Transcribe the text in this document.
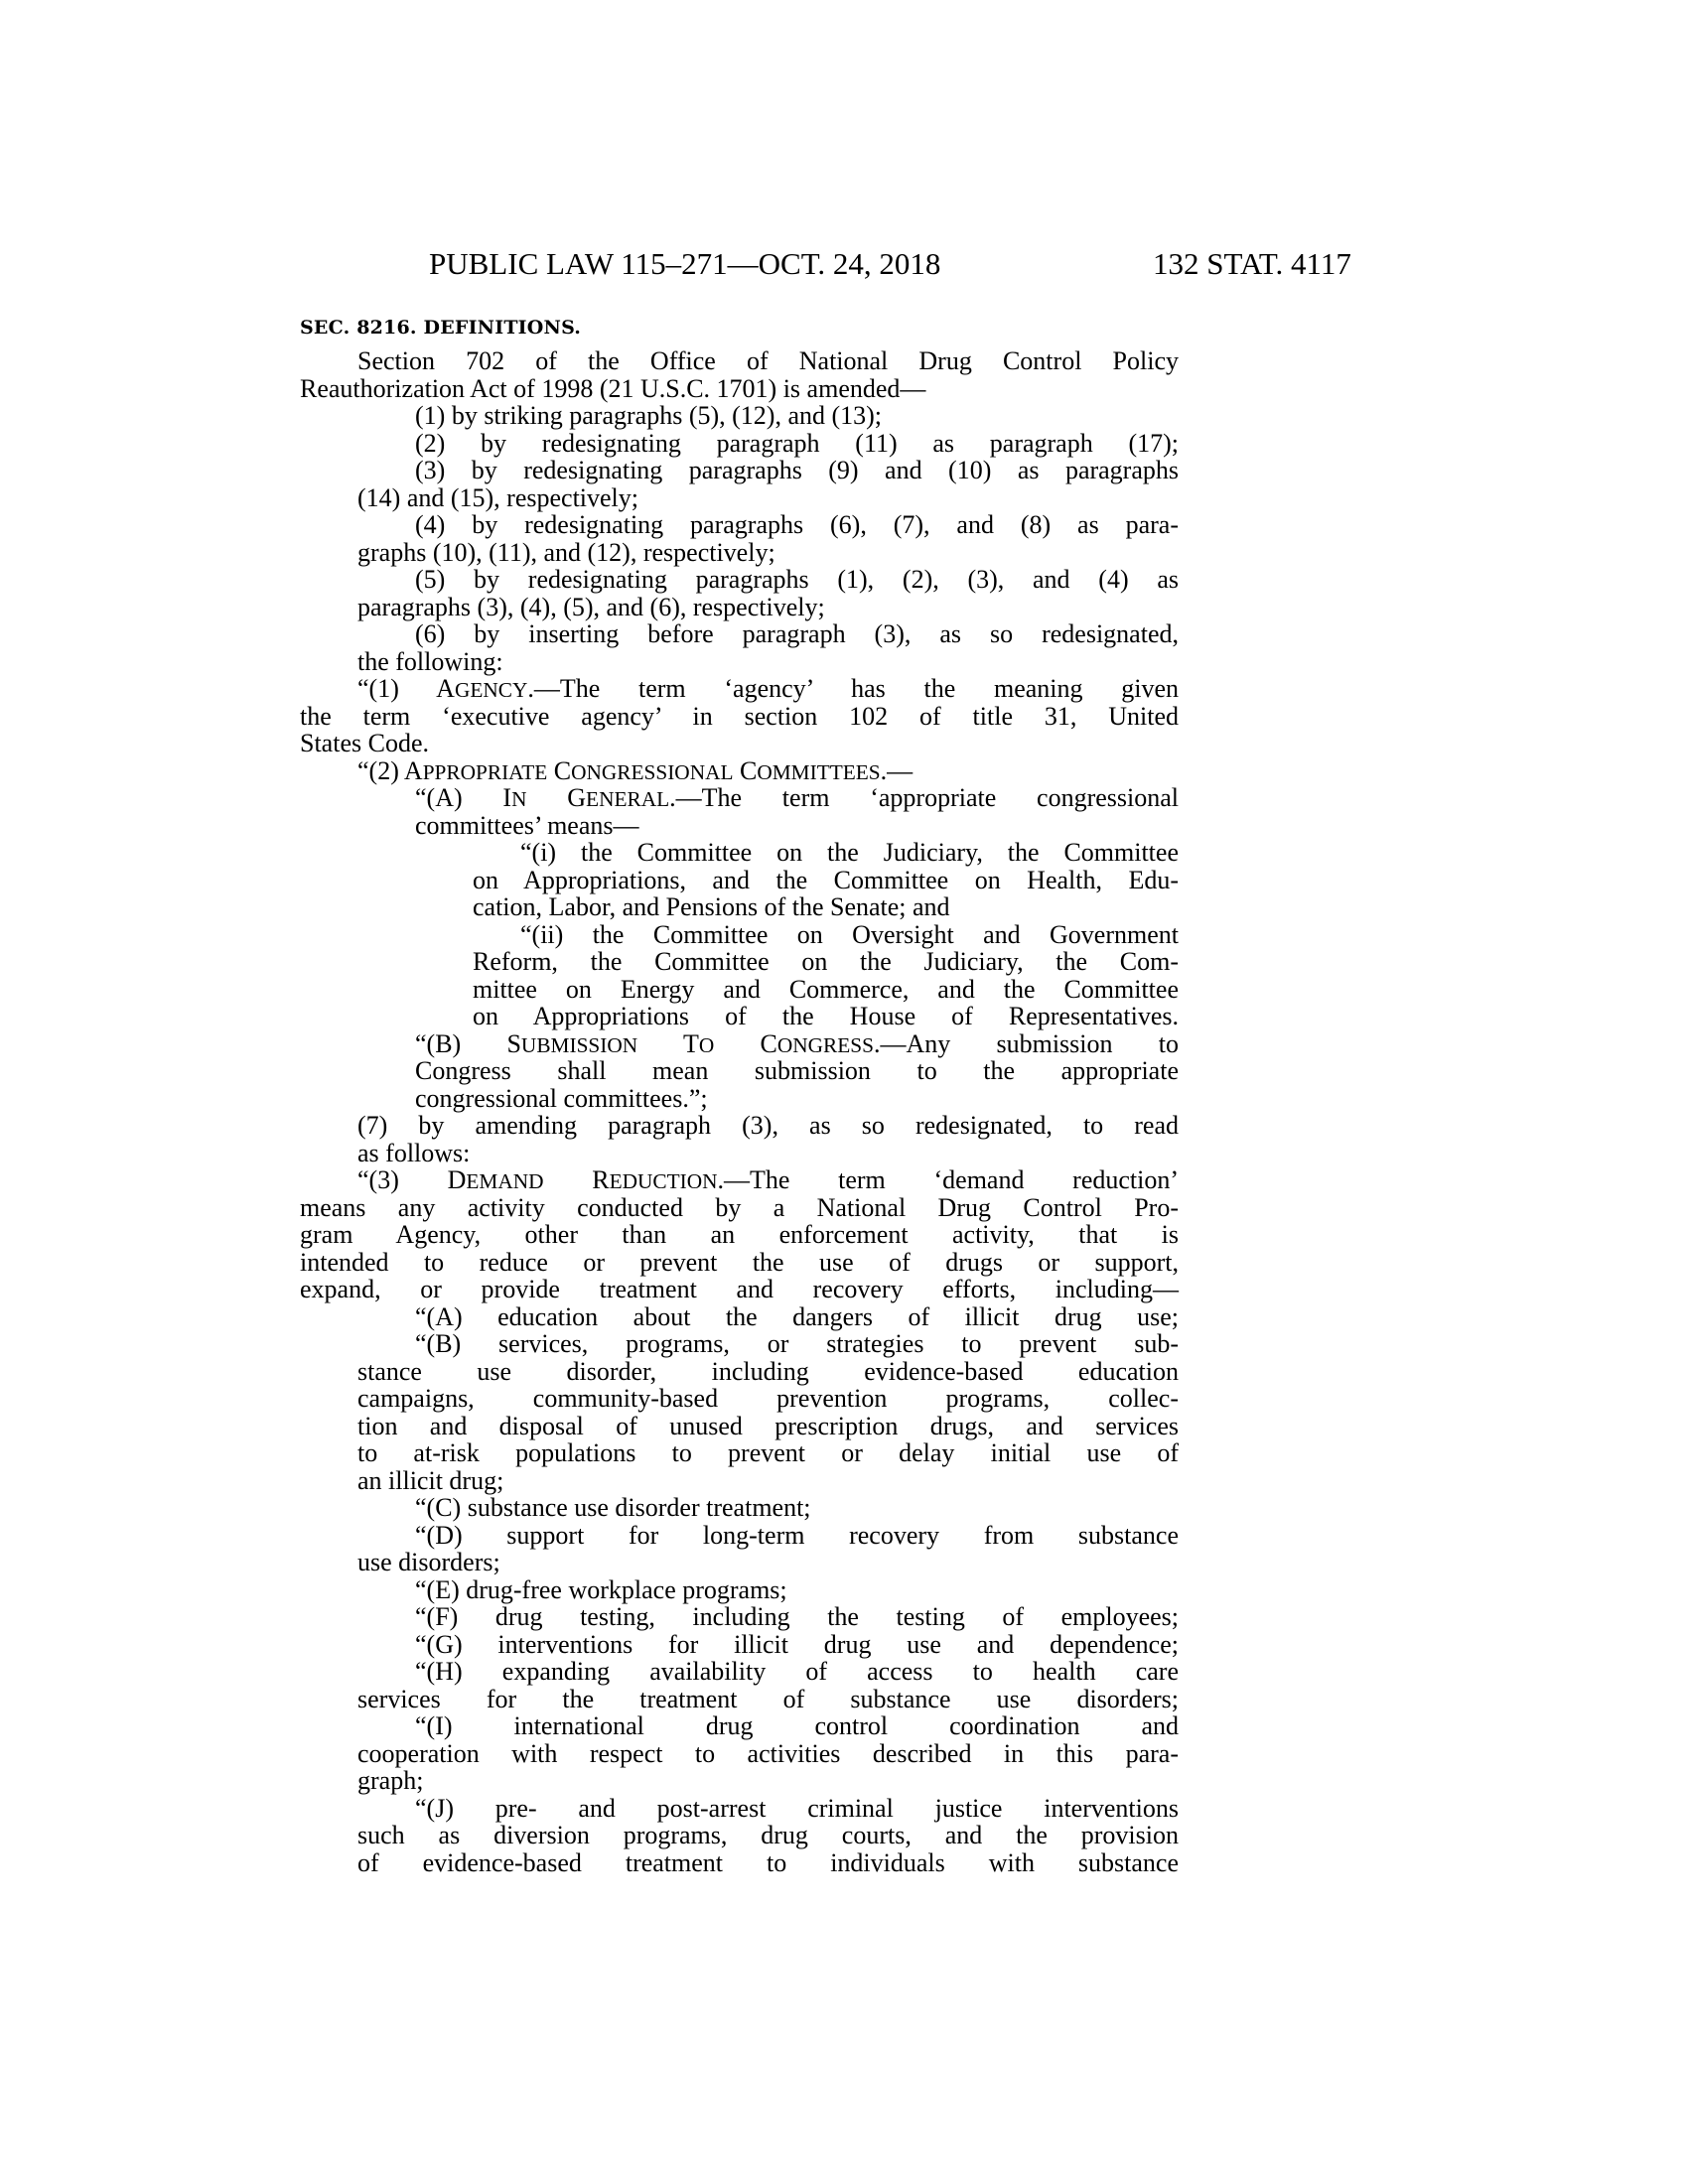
PUBLIC LAW 115–271—OCT. 24, 2018	132 STAT. 4117
SEC. 8216. DEFINITIONS.
Section 702 of the Office of National Drug Control Policy
Reauthorization Act of 1998 (21 U.S.C. 1701) is amended—
(1) by striking paragraphs (5), (12), and (13);
(2) by redesignating paragraph (11) as paragraph (17);
(3) by redesignating paragraphs (9) and (10) as paragraphs
(14) and (15), respectively;
(4) by redesignating paragraphs (6), (7), and (8) as para-
graphs (10), (11), and (12), respectively;
(5) by redesignating paragraphs (1), (2), (3), and (4) as
paragraphs (3), (4), (5), and (6), respectively;
(6) by inserting before paragraph (3), as so redesignated,
the following:
“(1) AGENCY.—The term ‘agency’ has the meaning given
the term ‘executive agency’ in section 102 of title 31, United
States Code.
“(2) APPROPRIATE CONGRESSIONAL COMMITTEES.—
“(A) IN GENERAL.—The term ‘appropriate congressional
committees’ means—
“(i) the Committee on the Judiciary, the Committee
on Appropriations, and the Committee on Health, Edu-
cation, Labor, and Pensions of the Senate; and
“(ii) the Committee on Oversight and Government
Reform, the Committee on the Judiciary, the Com-
mittee on Energy and Commerce, and the Committee
on Appropriations of the House of Representatives.
“(B) SUBMISSION TO CONGRESS.—Any submission to
Congress shall mean submission to the appropriate
congressional committees.”;
(7) by amending paragraph (3), as so redesignated, to read
as follows:
“(3) DEMAND REDUCTION.—The term ‘demand reduction’
means any activity conducted by a National Drug Control Pro-
gram Agency, other than an enforcement activity, that is
intended to reduce or prevent the use of drugs or support,
expand, or provide treatment and recovery efforts, including—
“(A) education about the dangers of illicit drug use;
“(B) services, programs, or strategies to prevent sub-
stance use disorder, including evidence-based education
campaigns, community-based prevention programs, collec-
tion and disposal of unused prescription drugs, and services
to at-risk populations to prevent or delay initial use of
an illicit drug;
“(C) substance use disorder treatment;
“(D) support for long-term recovery from substance
use disorders;
“(E) drug-free workplace programs;
“(F) drug testing, including the testing of employees;
“(G) interventions for illicit drug use and dependence;
“(H) expanding availability of access to health care
services for the treatment of substance use disorders;
“(I) international drug control coordination and
cooperation with respect to activities described in this para-
graph;
“(J) pre- and post-arrest criminal justice interventions
such as diversion programs, drug courts, and the provision
of evidence-based treatment to individuals with substance
